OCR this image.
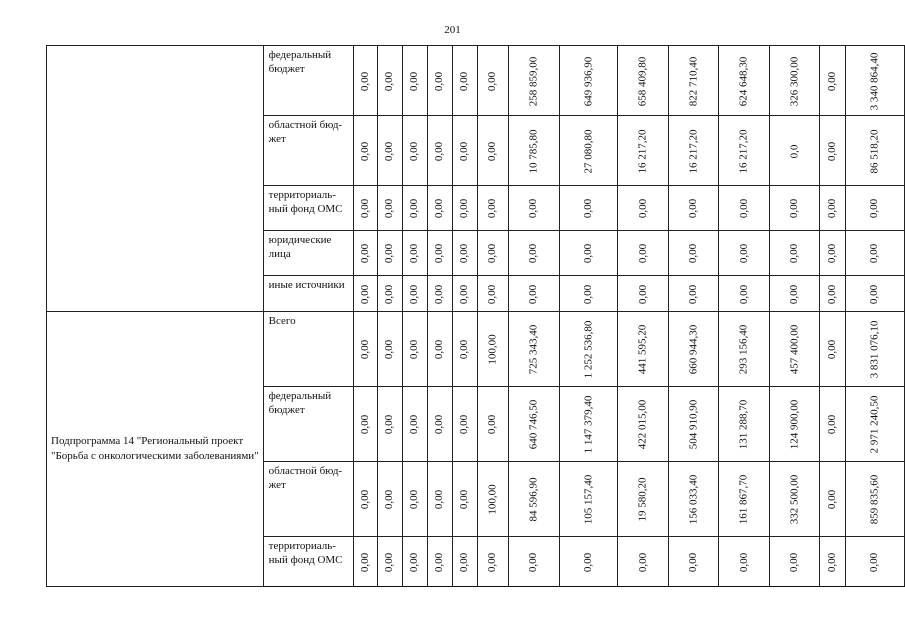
201
	федеральный бюджет	0,00	0,00	0,00	0,00	0,00	0,00	258 859,00	649 936,90	658 409,80	822 710,40	624 648,30	326 300,00	0,00	3 340 864,40
	областной бюд-жет	0,00	0,00	0,00	0,00	0,00	0,00	10 785,80	27 080,80	16 217,20	16 217,20	16 217,20	0,0	0,00	86 518,20
	территориаль-ный фонд ОМС	0,00	0,00	0,00	0,00	0,00	0,00	0,00	0,00	0,00	0,00	0,00	0,00	0,00	0,00
	юридические лица	0,00	0,00	0,00	0,00	0,00	0,00	0,00	0,00	0,00	0,00	0,00	0,00	0,00	0,00
	иные источники	0,00	0,00	0,00	0,00	0,00	0,00	0,00	0,00	0,00	0,00	0,00	0,00	0,00	0,00
Подпрограмма 14 "Региональный проект "Борьба с онкологическими заболеваниями"	Всего	0,00	0,00	0,00	0,00	0,00	100,00	725 343,40	1 252 536,80	441 595,20	660 944,30	293 156,40	457 400,00	0,00	3 831 076,10
	федеральный бюджет	0,00	0,00	0,00	0,00	0,00	0,00	640 746,50	1 147 379,40	422 015,00	504 910,90	131 288,70	124 900,00	0,00	2 971 240,50
	областной бюд-жет	0,00	0,00	0,00	0,00	0,00	100,00	84 596,90	105 157,40	19 580,20	156 033,40	161 867,70	332 500,00	0,00	859 835,60
	территориаль-ный фонд ОМС	0,00	0,00	0,00	0,00	0,00	0,00	0,00	0,00	0,00	0,00	0,00	0,00	0,00	0,00
